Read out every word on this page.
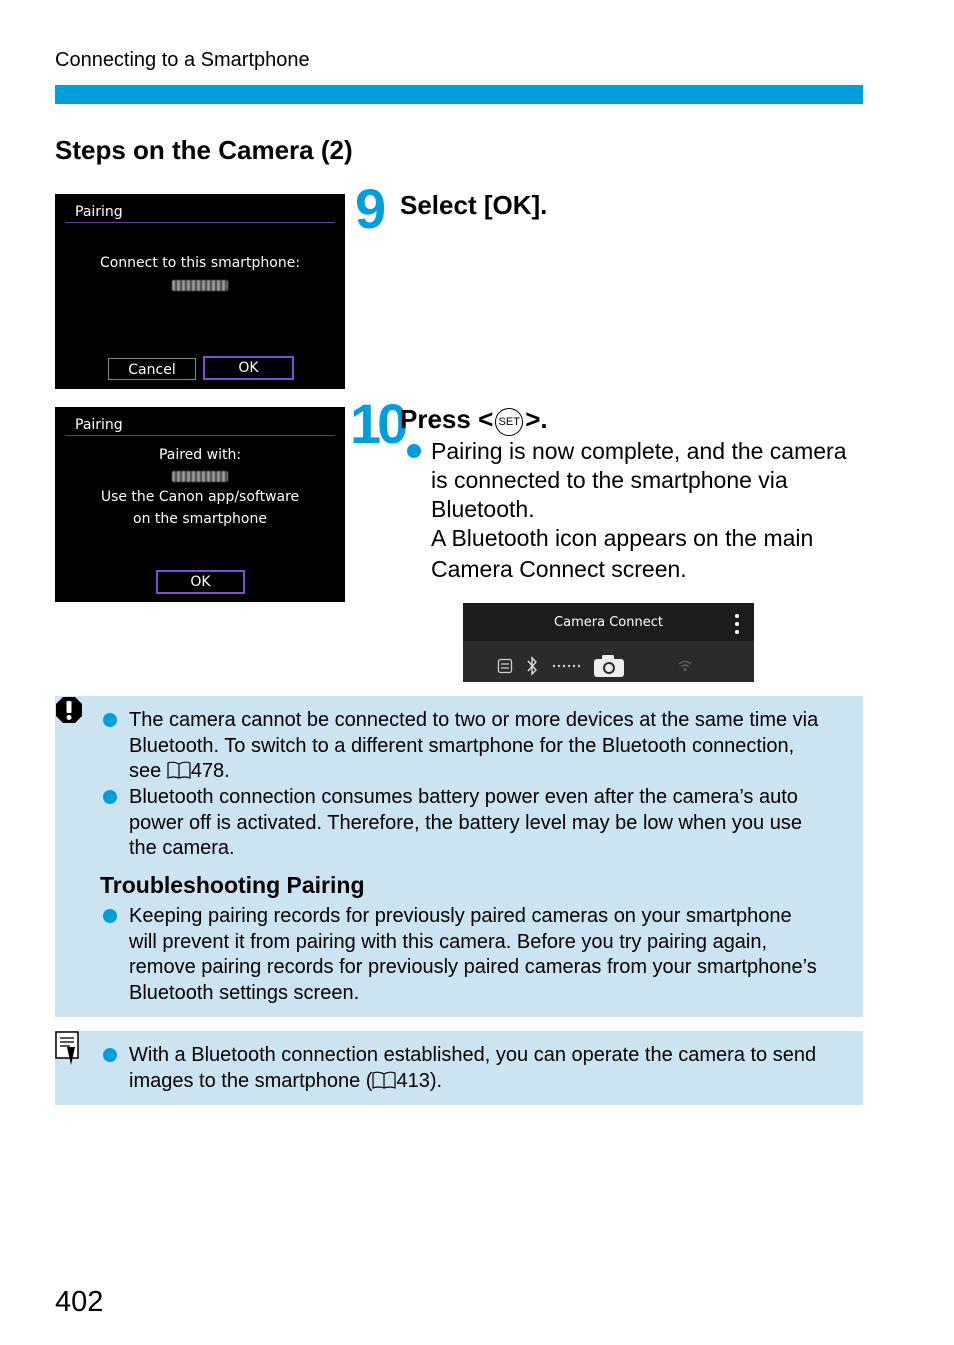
Connecting to a Smartphone
Steps on the Camera (2)
Pairing
Connect to this smartphone:
Cancel	OK
Pairing
Paired with:
Use the Canon app/software
on the smartphone
OK
9 Select [OK].
10
Press < SET >.
Pairing is now complete, and the camera
is connected to the smartphone via
Bluetooth.
A Bluetooth icon appears on the main
Camera Connect screen.
Camera Connect
The camera cannot be connected to two or more devices at the same time via
Bluetooth. To switch to a different smartphone for the Bluetooth connection,
see 478.
Bluetooth connection consumes battery power even after the camera’s auto
power off is activated. Therefore, the battery level may be low when you use
the camera.
Troubleshooting Pairing
Keeping pairing records for previously paired cameras on your smartphone
will prevent it from pairing with this camera. Before you try pairing again,
remove pairing records for previously paired cameras from your smartphone’s
Bluetooth settings screen.
With a Bluetooth connection established, you can operate the camera to send
images to the smartphone ( 413).
402
